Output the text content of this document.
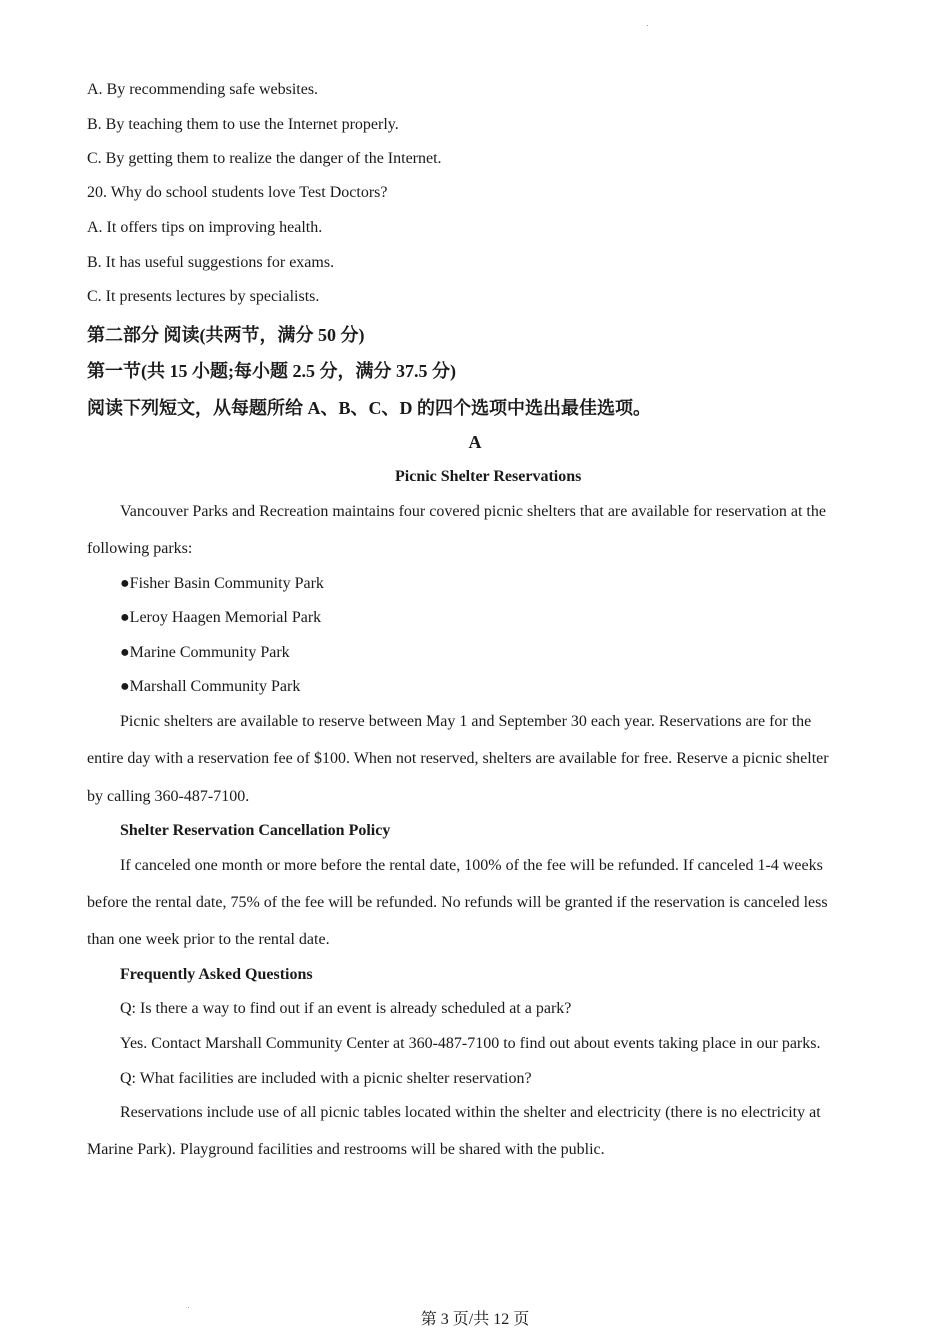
A. By recommending safe websites.
B. By teaching them to use the Internet properly.
C. By getting them to realize the danger of the Internet.
20. Why do school students love Test Doctors?
A. It offers tips on improving health.
B. It has useful suggestions for exams.
C. It presents lectures by specialists.
第二部分 阅读(共两节，满分 50 分)
第一节(共 15 小题;每小题 2.5 分，满分 37.5 分)
阅读下列短文，从每题所给 A、B、C、D 的四个选项中选出最佳选项。
A
Picnic Shelter Reservations
Vancouver Parks and Recreation maintains four covered picnic shelters that are available for reservation at the
following parks:
●Fisher Basin Community Park
●Leroy Haagen Memorial Park
●Marine Community Park
●Marshall Community Park
Picnic shelters are available to reserve between May 1 and September 30 each year. Reservations are for the
entire day with a reservation fee of $100. When not reserved, shelters are available for free. Reserve a picnic shelter
by calling 360-487-7100.
Shelter Reservation Cancellation Policy
If canceled one month or more before the rental date, 100% of the fee will be refunded. If canceled 1-4 weeks
before the rental date, 75% of the fee will be refunded. No refunds will be granted if the reservation is canceled less
than one week prior to the rental date.
Frequently Asked Questions
Q: Is there a way to find out if an event is already scheduled at a park?
Yes. Contact Marshall Community Center at 360-487-7100 to find out about events taking place in our parks.
Q: What facilities are included with a picnic shelter reservation?
Reservations include use of all picnic tables located within the shelter and electricity (there is no electricity at
Marine Park). Playground facilities and restrooms will be shared with the public.
第 3 页/共 12 页
